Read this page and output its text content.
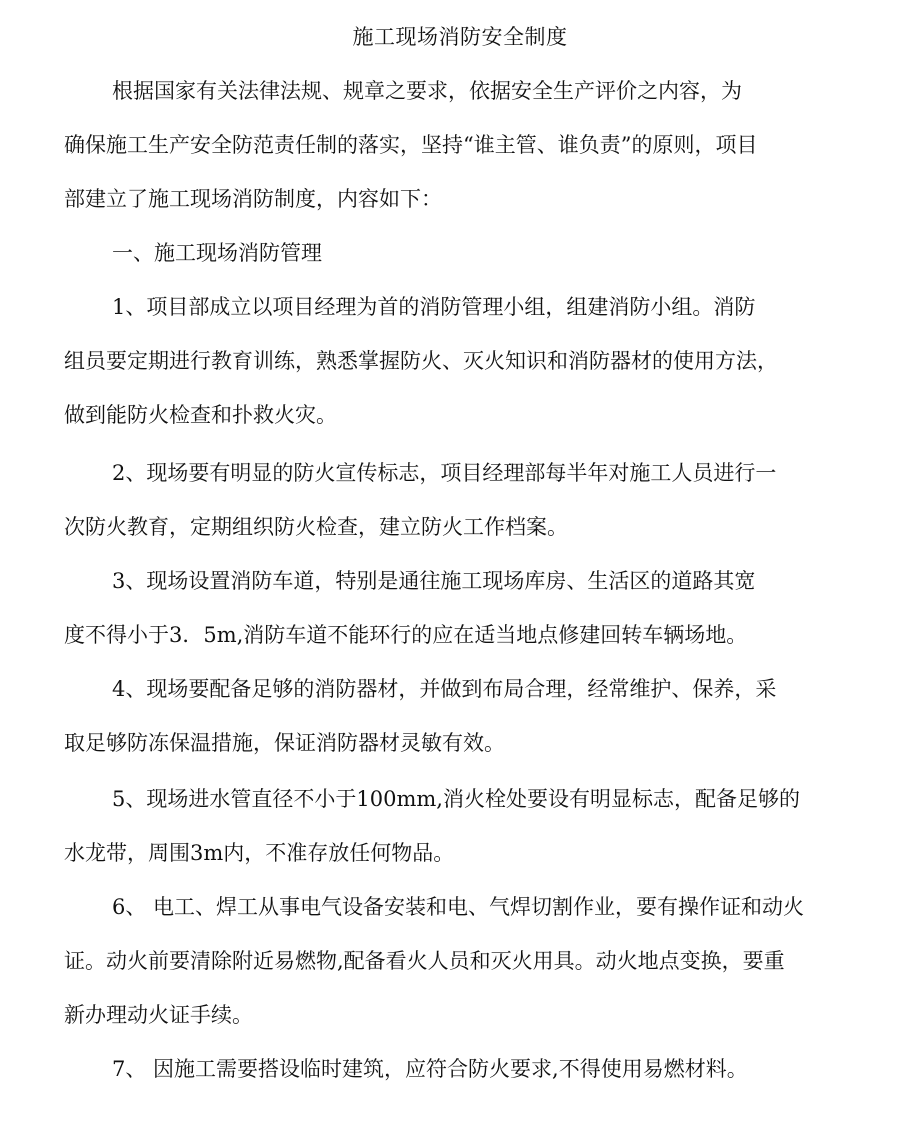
施工现场消防安全制度

根据国家有关法律法规、规章之要求，依据安全生产评价之内容，为

确保施工生产安全防范责任制的落实，坚持“谁主管、谁负责”的原则，项目

部建立了施工现场消防制度，内容如下：

一、施工现场消防管理

1、项目部成立以项目经理为首的消防管理小组，组建消防小组。消防

组员要定期进行教育训练，熟悉掌握防火、灭火知识和消防器材的使用方法，

做到能防火检查和扑救火灾。

2、现场要有明显的防火宣传标志，项目经理部每半年对施工人员进行一

次防火教育，定期组织防火检查，建立防火工作档案。

3、现场设置消防车道，特别是通往施工现场库房、生活区的道路其宽

度不得小于3．5m,消防车道不能环行的应在适当地点修建回转车辆场地。

4、现场要配备足够的消防器材，并做到布局合理，经常维护、保养，采

取足够防冻保温措施，保证消防器材灵敏有效。

5、现场进水管直径不小于100mm,消火栓处要设有明显标志，配备足够的

水龙带，周围3m内，不准存放任何物品。

6、 电工、焊工从事电气设备安装和电、气焊切割作业，要有操作证和动火

证。动火前要清除附近易燃物,配备看火人员和灭火用具。动火地点变换，要重

新办理动火证手续。

7、 因施工需要搭设临时建筑，应符合防火要求,不得使用易燃材料。
